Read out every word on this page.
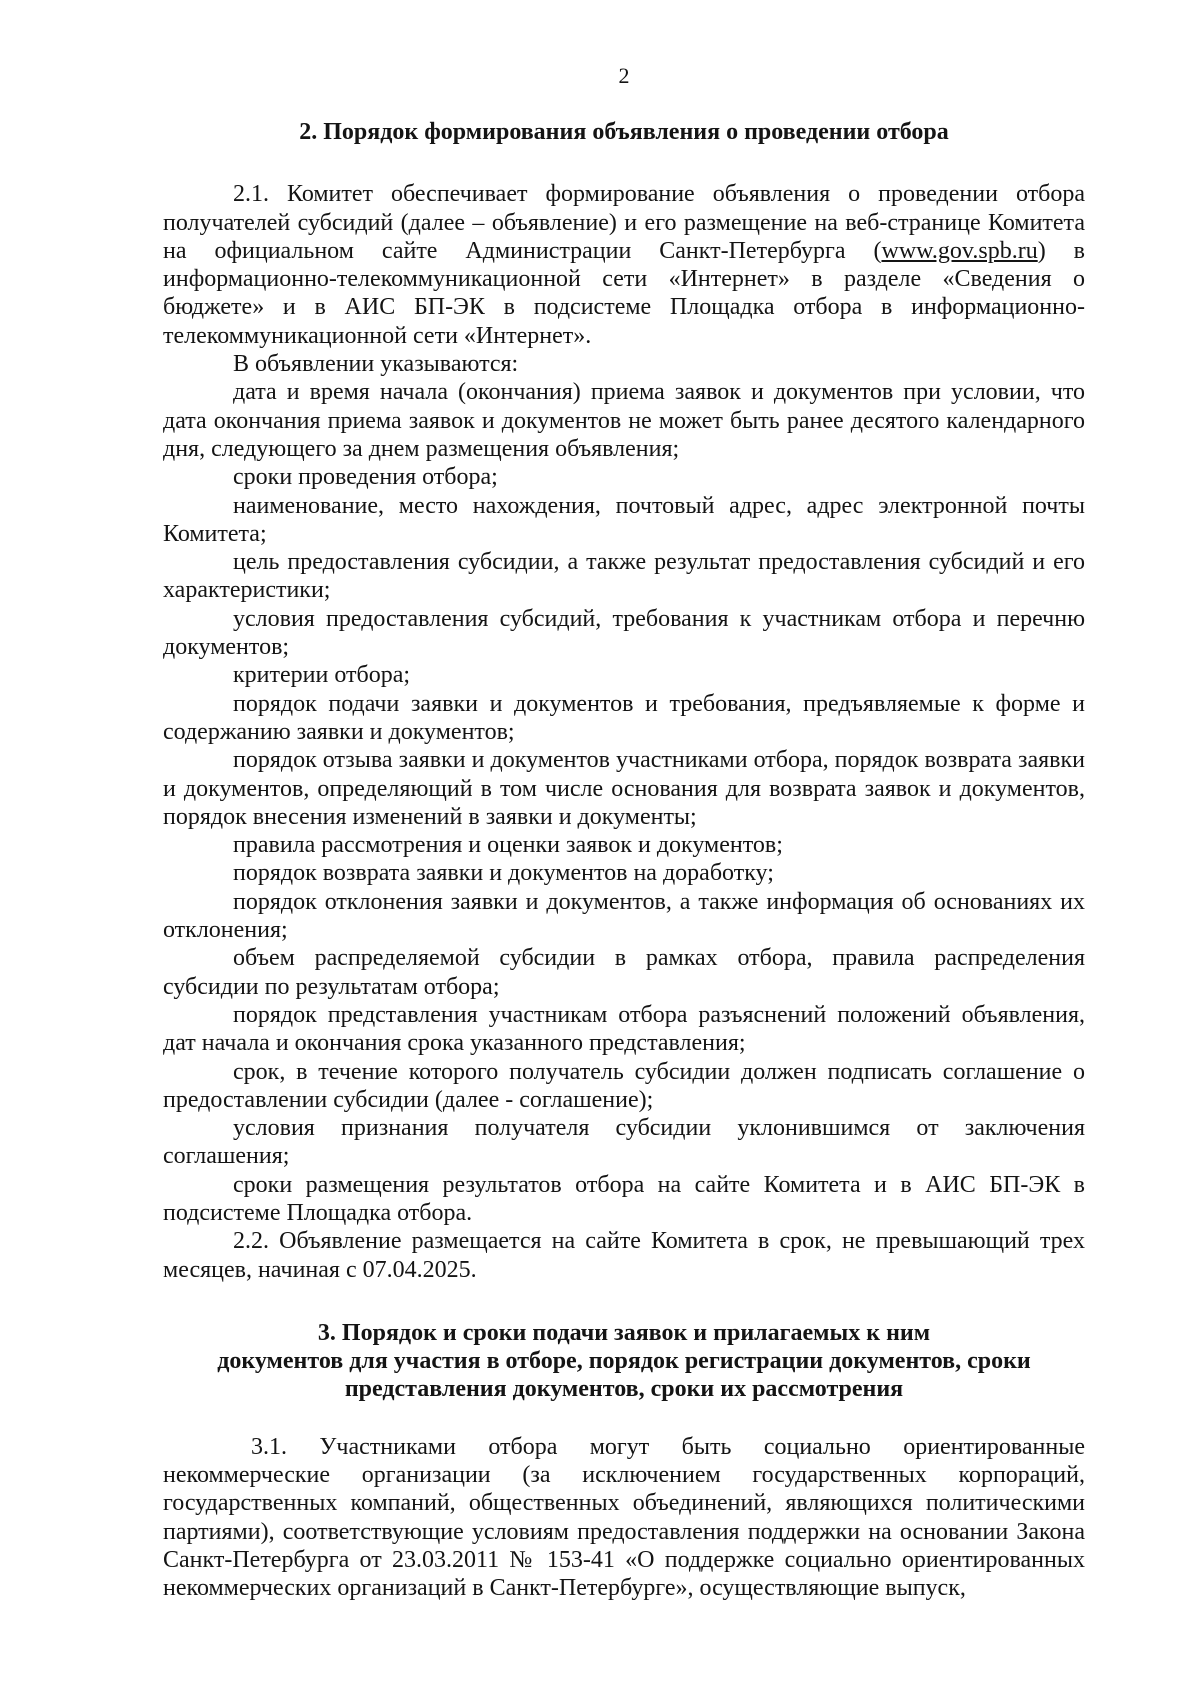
2
2. Порядок формирования объявления о проведении отбора

2.1. Комитет обеспечивает формирование объявления о проведении отбора получателей субсидий (далее – объявление) и его размещение на веб-странице Комитета на официальном сайте Администрации Санкт-Петербурга (www.gov.spb.ru) в информационно-телекоммуникационной сети «Интернет» в разделе «Сведения о бюджете» и в АИС БП-ЭК в подсистеме Площадка отбора в информационно-телекоммуникационной сети «Интернет».

В объявлении указываются:

дата и время начала (окончания) приема заявок и документов при условии, что дата окончания приема заявок и документов не может быть ранее десятого календарного дня, следующего за днем размещения объявления;

сроки проведения отбора;

наименование, место нахождения, почтовый адрес, адрес электронной почты Комитета;

цель предоставления субсидии, а также результат предоставления субсидий и его характеристики;

условия предоставления субсидий, требования к участникам отбора и перечню документов;

критерии отбора;

порядок подачи заявки и документов и требования, предъявляемые к форме и содержанию заявки и документов;

порядок отзыва заявки и документов участниками отбора, порядок возврата заявки и документов, определяющий в том числе основания для возврата заявок и документов, порядок внесения изменений в заявки и документы;

правила рассмотрения и оценки заявок и документов;

порядок возврата заявки и документов на доработку;

порядок отклонения заявки и документов, а также информация об основаниях их отклонения;

объем распределяемой субсидии в рамках отбора, правила распределения субсидии по результатам отбора;

порядок представления участникам отбора разъяснений положений объявления, дат начала и окончания срока указанного представления;

срок, в течение которого получатель субсидии должен подписать соглашение о предоставлении субсидии (далее - соглашение);

условия признания получателя субсидии уклонившимся от заключения соглашения;

сроки размещения результатов отбора на сайте Комитета и в АИС БП-ЭК в подсистеме Площадка отбора.

2.2. Объявление размещается на сайте Комитета в срок, не превышающий трех месяцев, начиная с 07.04.2025.

3. Порядок и сроки подачи заявок и прилагаемых к ним
документов для участия в отборе, порядок регистрации документов, сроки
представления документов, сроки их рассмотрения

3.1. Участниками отбора могут быть социально ориентированные некоммерческие организации (за исключением государственных корпораций, государственных компаний, общественных объединений, являющихся политическими партиями), соответствующие условиям предоставления поддержки на основании Закона Санкт-Петербурга от 23.03.2011 № 153-41 «О поддержке социально ориентированных некоммерческих организаций в Санкт-Петербурге», осуществляющие выпуск,
